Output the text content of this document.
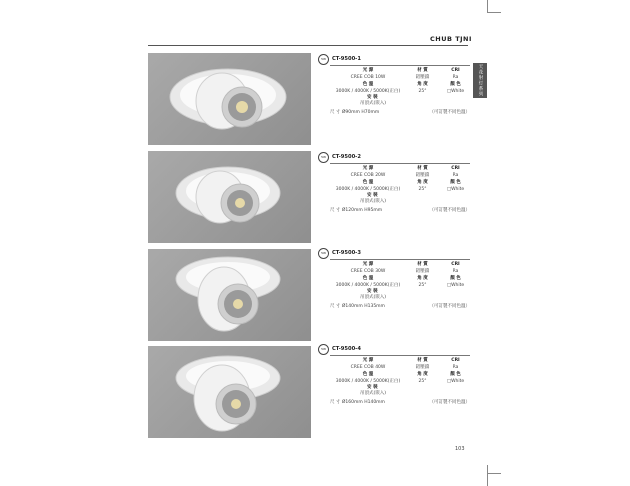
CHUB TJNI
天花射灯系列
5W	CT-9500-1
光 源	材 質	CRI
CREE COB 10W	鋁壓鑄	Ra
色 溫	角 度	顏 色
3000K / 4000K / 5000K(正白)	25°	□White
安 裝
吊頂式(嵌入)
尺 寸 Ø90mm H70mm	（可訂製不同色溫）
5W	CT-9500-2
光 源	材 質	CRI
CREE COB 20W	鋁壓鑄	Ra
色 溫	角 度	顏 色
3000K / 4000K / 5000K(正白)	25°	□White
安 裝
吊頂式(嵌入)
尺 寸 Ø120mm H95mm	（可訂製不同色溫）
5W	CT-9500-3
光 源	材 質	CRI
CREE COB 30W	鋁壓鑄	Ra
色 溫	角 度	顏 色
3000K / 4000K / 5000K(正白)	25°	□White
安 裝
吊頂式(嵌入)
尺 寸 Ø140mm H135mm	（可訂製不同色溫）
5W	CT-9500-4
光 源	材 質	CRI
CREE COB 40W	鋁壓鑄	Ra
色 溫	角 度	顏 色
3000K / 4000K / 5000K(正白)	25°	□White
安 裝
吊頂式(嵌入)
尺 寸 Ø160mm H140mm	（可訂製不同色溫）
103
